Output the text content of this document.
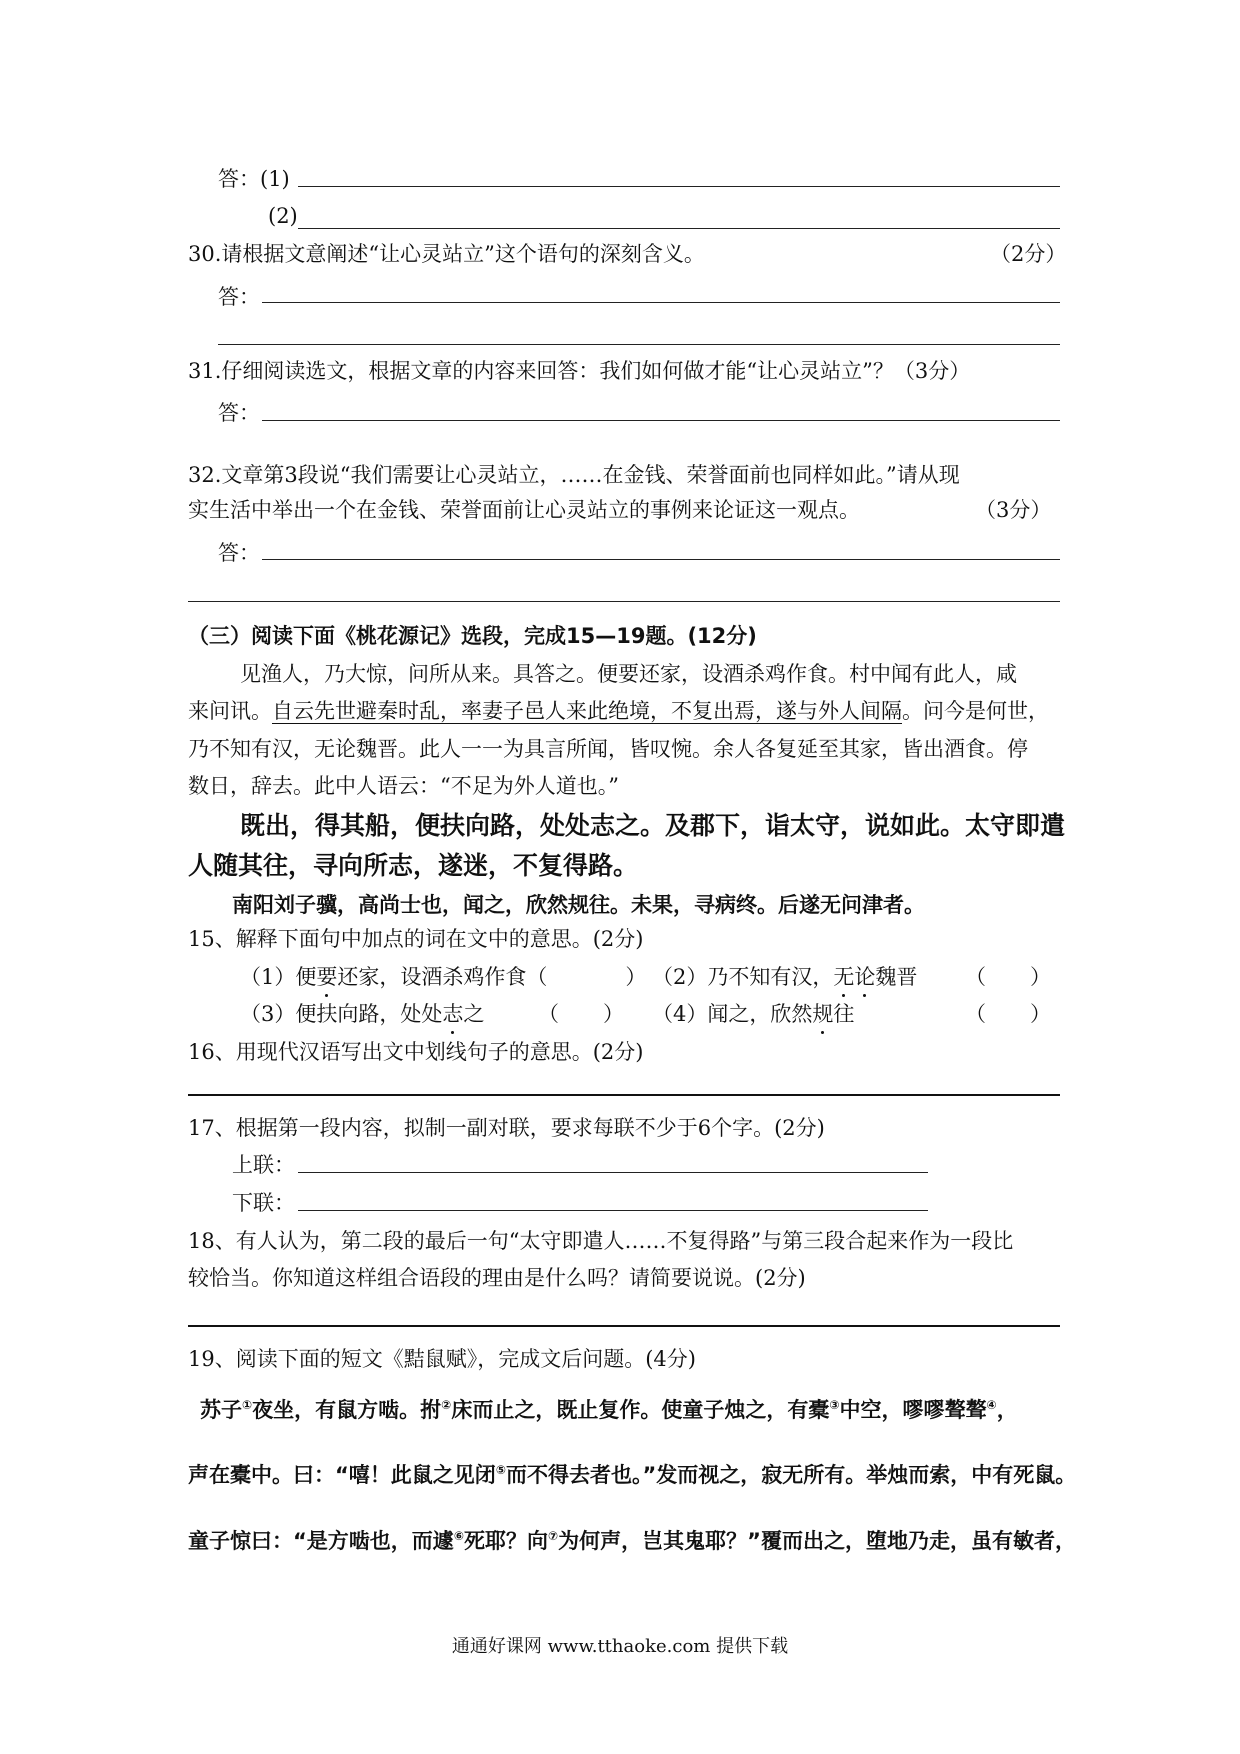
答：(1)
(2)
30.请根据文意阐述“让心灵站立”这个语句的深刻含义。	（2分）
答：
31.仔细阅读选文，根据文章的内容来回答：我们如何做才能“让心灵站立”？（3分）
答：
32.文章第3段说“我们需要让心灵站立，……在金钱、荣誉面前也同样如此。”请从现
实生活中举出一个在金钱、荣誉面前让心灵站立的事例来论证这一观点。	（3分）
答：
（三）阅读下面《桃花源记》选段，完成15—19题。(12分)
见渔人，乃大惊，问所从来。具答之。便要还家，设酒杀鸡作食。村中闻有此人，咸
来问讯。自云先世避秦时乱，率妻子邑人来此绝境，不复出焉，遂与外人间隔。问今是何世，
乃不知有汉，无论魏晋。此人一一为具言所闻，皆叹惋。余人各复延至其家，皆出酒食。停
数日，辞去。此中人语云：“不足为外人道也。”
既出，得其船，便扶向路，处处志之。及郡下，诣太守，说如此。太守即遣
人随其往，寻向所志，遂迷，不复得路。
南阳刘子骥，高尚士也，闻之，欣然规往。未果，寻病终。后遂无问津者。
15、解释下面句中加点的词在文中的意思。(2分)
（1）便要还家，设酒杀鸡作食（	） （2）乃不知有汉，无论魏晋 （ ）
（3）便扶向路，处处志之	（ ） （4）闻之，欣然规往	（ ）
16、用现代汉语写出文中划线句子的意思。(2分)
17、根据第一段内容，拟制一副对联，要求每联不少于6个字。(2分)
上联：
下联：
18、有人认为，第二段的最后一句“太守即遣人……不复得路”与第三段合起来作为一段比
较恰当。你知道这样组合语段的理由是什么吗？请简要说说。(2分)
19、阅读下面的短文《黠鼠赋》，完成文后问题。(4分)
苏子①夜坐，有鼠方啮。拊②床而止之，既止复作。使童子烛之，有橐③中空，嘐嘐聱聱④，
声在橐中。曰：“嘻！此鼠之见闭⑤而不得去者也。”发而视之，寂无所有。举烛而索，中有死鼠。
童子惊曰：“是方啮也，而遽⑥死耶？向⑦为何声，岂其鬼耶？”覆而出之，堕地乃走，虽有敏者，
通通好课网 www.tthaoke.com 提供下载
